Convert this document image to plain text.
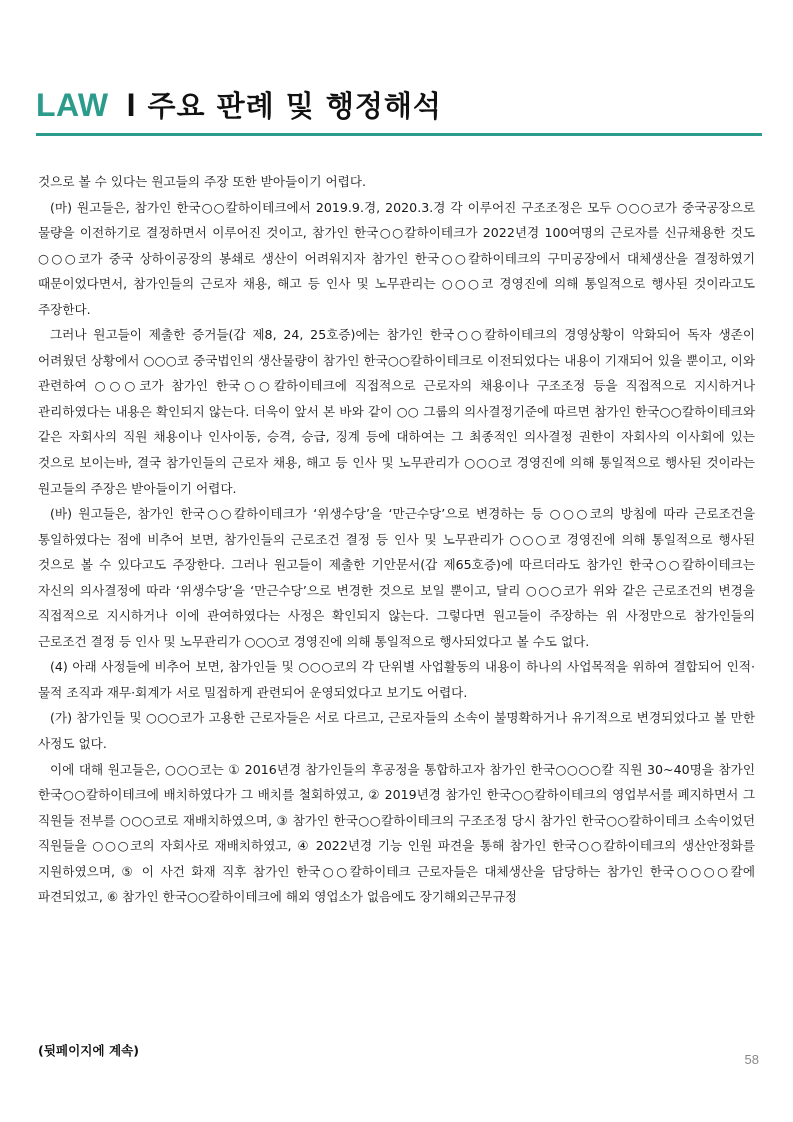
LAW I 주요 판례 및 행정해석

것으로 볼 수 있다는 원고들의 주장 또한 받아들이기 어렵다.

(마) 원고들은, 참가인 한국○○칼하이테크에서 2019.9.경, 2020.3.경 각 이루어진 구조조정은 모두 ○○○코가 중국공장으로 물량을 이전하기로 결정하면서 이루어진 것이고, 참가인 한국○○칼하이테크가 2022년경 100여명의 근로자를 신규채용한 것도 ○○○코가 중국 상하이공장의 봉쇄로 생산이 어려워지자 참가인 한국○○칼하이테크의 구미공장에서 대체생산을 결정하였기 때문이었다면서, 참가인들의 근로자 채용, 해고 등 인사 및 노무관리는 ○○○코 경영진에 의해 통일적으로 행사된 것이라고도 주장한다.

그러나 원고들이 제출한 증거들(갑 제8, 24, 25호증)에는 참가인 한국○○칼하이테크의 경영상황이 악화되어 독자 생존이 어려웠던 상황에서 ○○○코 중국법인의 생산물량이 참가인 한국○○칼하이테크로 이전되었다는 내용이 기재되어 있을 뿐이고, 이와 관련하여 ○○○코가 참가인 한국○○칼하이테크에 직접적으로 근로자의 채용이나 구조조정 등을 직접적으로 지시하거나 관리하였다는 내용은 확인되지 않는다. 더욱이 앞서 본 바와 같이 ○○ 그룹의 의사결정기준에 따르면 참가인 한국○○칼하이테크와 같은 자회사의 직원 채용이나 인사이동, 승격, 승급, 징계 등에 대하여는 그 최종적인 의사결정 권한이 자회사의 이사회에 있는 것으로 보이는바, 결국 참가인들의 근로자 채용, 해고 등 인사 및 노무관리가 ○○○코 경영진에 의해 통일적으로 행사된 것이라는 원고들의 주장은 받아들이기 어렵다.

(바) 원고들은, 참가인 한국○○칼하이테크가 ‘위생수당’을 ‘만근수당’으로 변경하는 등 ○○○코의 방침에 따라 근로조건을 통일하였다는 점에 비추어 보면, 참가인들의 근로조건 결정 등 인사 및 노무관리가 ○○○코 경영진에 의해 통일적으로 행사된 것으로 볼 수 있다고도 주장한다. 그러나 원고들이 제출한 기안문서(갑 제65호증)에 따르더라도 참가인 한국○○칼하이테크는 자신의 의사결정에 따라 ‘위생수당’을 ‘만근수당’으로 변경한 것으로 보일 뿐이고, 달리 ○○○코가 위와 같은 근로조건의 변경을 직접적으로 지시하거나 이에 관여하였다는 사정은 확인되지 않는다. 그렇다면 원고들이 주장하는 위 사정만으로 참가인들의 근로조건 결정 등 인사 및 노무관리가 ○○○코 경영진에 의해 통일적으로 행사되었다고 볼 수도 없다.

(4) 아래 사정들에 비추어 보면, 참가인들 및 ○○○코의 각 단위별 사업활동의 내용이 하나의 사업목적을 위하여 결합되어 인적·물적 조직과 재무·회계가 서로 밀접하게 관련되어 운영되었다고 보기도 어렵다.

(가) 참가인들 및 ○○○코가 고용한 근로자들은 서로 다르고, 근로자들의 소속이 불명확하거나 유기적으로 변경되었다고 볼 만한 사정도 없다.

이에 대해 원고들은, ○○○코는 ① 2016년경 참가인들의 후공정을 통합하고자 참가인 한국○○○○칼 직원 30~40명을 참가인 한국○○칼하이테크에 배치하였다가 그 배치를 철회하였고, ② 2019년경 참가인 한국○○칼하이테크의 영업부서를 폐지하면서 그 직원들 전부를 ○○○코로 재배치하였으며, ③ 참가인 한국○○칼하이테크의 구조조정 당시 참가인 한국○○칼하이테크 소속이었던 직원들을 ○○○코의 자회사로 재배치하였고, ④ 2022년경 기능 인원 파견을 통해 참가인 한국○○칼하이테크의 생산안정화를 지원하였으며, ⑤ 이 사건 화재 직후 참가인 한국○○칼하이테크 근로자들은 대체생산을 담당하는 참가인 한국○○○○칼에 파견되었고, ⑥ 참가인 한국○○칼하이테크에 해외 영업소가 없음에도 장기해외근무규정

(뒷페이지에 계속)
58
